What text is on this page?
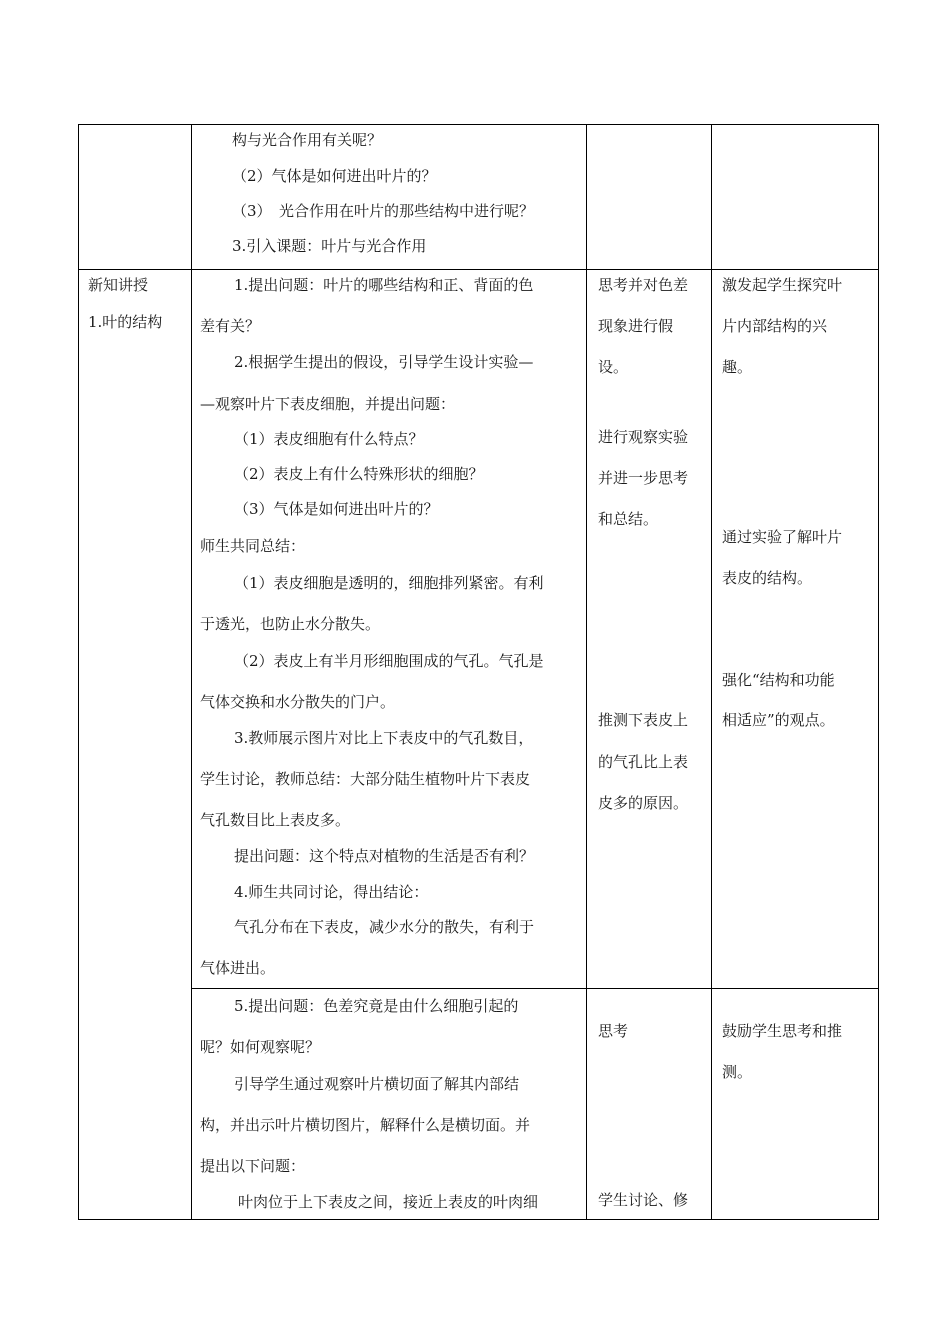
构与光合作用有关呢？
（2）气体是如何进出叶片的？
（3）　光合作用在叶片的那些结构中进行呢？
3.引入课题：叶片与光合作用
新知讲授
1.叶的结构
1.提出问题：叶片的哪些结构和正、背面的色
差有关？
2.根据学生提出的假设，引导学生设计实验—
—观察叶片下表皮细胞，并提出问题：
（1）表皮细胞有什么特点？
（2）表皮上有什么特殊形状的细胞？
（3）气体是如何进出叶片的？
师生共同总结：
（1）表皮细胞是透明的，细胞排列紧密。有利
于透光，也防止水分散失。
（2）表皮上有半月形细胞围成的气孔。气孔是
气体交换和水分散失的门户。
3.教师展示图片对比上下表皮中的气孔数目，
学生讨论，教师总结：大部分陆生植物叶片下表皮
气孔数目比上表皮多。
提出问题：这个特点对植物的生活是否有利？
4.师生共同讨论，得出结论：
气孔分布在下表皮，减少水分的散失，有利于
气体进出。
思考并对色差
现象进行假
设。
进行观察实验
并进一步思考
和总结。
推测下表皮上
的气孔比上表
皮多的原因。
激发起学生探究叶
片内部结构的兴
趣。
通过实验了解叶片
表皮的结构。
强化“结构和功能
相适应”的观点。
5.提出问题：色差究竟是由什么细胞引起的
呢？如何观察呢？
引导学生通过观察叶片横切面了解其内部结
构，并出示叶片横切图片，解释什么是横切面。并
提出以下问题：
叶肉位于上下表皮之间，接近上表皮的叶肉细
思考
学生讨论、修
鼓励学生思考和推
测。
